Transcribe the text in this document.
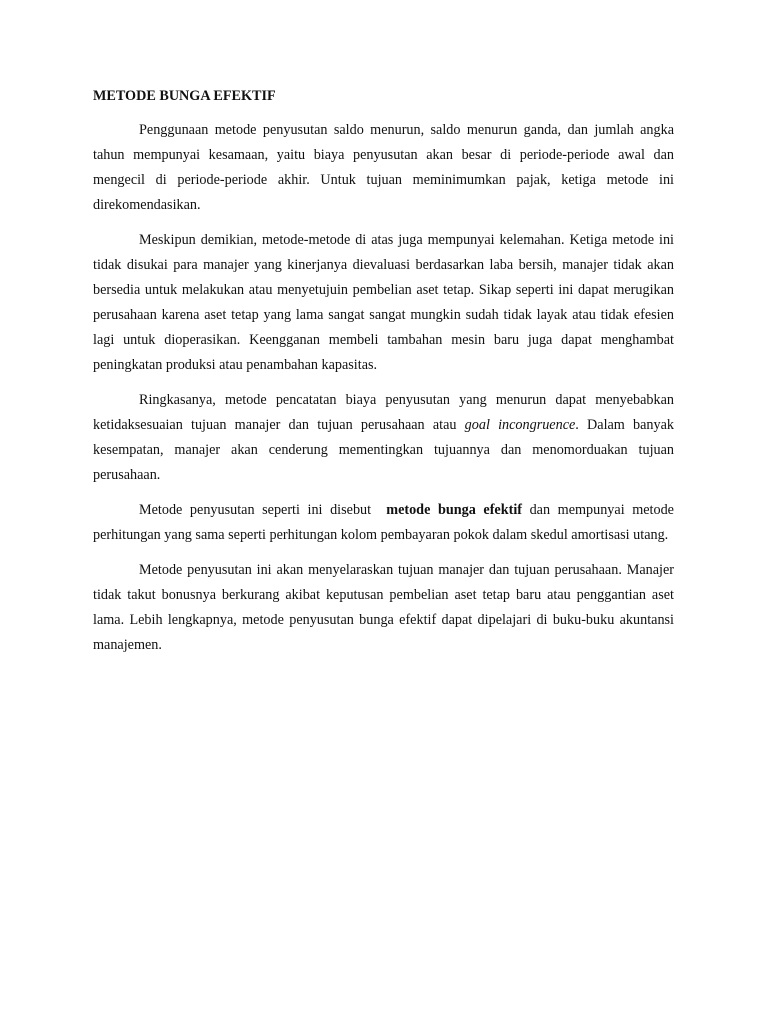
METODE BUNGA EFEKTIF

Penggunaan metode penyusutan saldo menurun, saldo menurun ganda, dan jumlah angka tahun mempunyai kesamaan, yaitu biaya penyusutan akan besar di periode-periode awal dan mengecil di periode-periode akhir. Untuk tujuan meminimumkan pajak, ketiga metode ini direkomendasikan.

Meskipun demikian, metode-metode di atas juga mempunyai kelemahan. Ketiga metode ini tidak disukai para manajer yang kinerjanya dievaluasi berdasarkan laba bersih, manajer tidak akan bersedia untuk melakukan atau menyetujuin pembelian aset tetap. Sikap seperti ini dapat merugikan perusahaan karena aset tetap yang lama sangat sangat mungkin sudah tidak layak atau tidak efesien lagi untuk dioperasikan. Keengganan membeli tambahan mesin baru juga dapat menghambat peningkatan produksi atau penambahan kapasitas.

Ringkasanya, metode pencatatan biaya penyusutan yang menurun dapat menyebabkan ketidaksesuaian tujuan manajer dan tujuan perusahaan atau goal incongruence. Dalam banyak kesempatan, manajer akan cenderung mementingkan tujuannya dan menomorduakan tujuan perusahaan.

Metode penyusutan seperti ini disebut  metode bunga efektif dan mempunyai metode perhitungan yang sama seperti perhitungan kolom pembayaran pokok dalam skedul amortisasi utang.

Metode penyusutan ini akan menyelaraskan tujuan manajer dan tujuan perusahaan. Manajer tidak takut bonusnya berkurang akibat keputusan pembelian aset tetap baru atau penggantian aset lama. Lebih lengkapnya, metode penyusutan bunga efektif dapat dipelajari di buku-buku akuntansi manajemen.
